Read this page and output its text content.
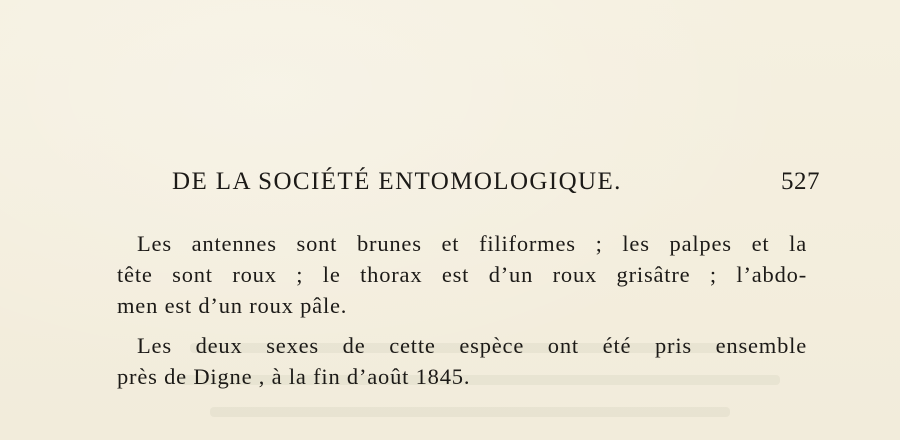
DE LA SOCIÉTÉ ENTOMOLOGIQUE.	527

Les antennes sont brunes et filiformes ; les palpes et la
tête sont roux ; le thorax est d’un roux grisâtre ; l’abdo-
men est d’un roux pâle.

Les deux sexes de cette espèce ont été pris ensemble
près de Digne , à la fin d’août 1845.
